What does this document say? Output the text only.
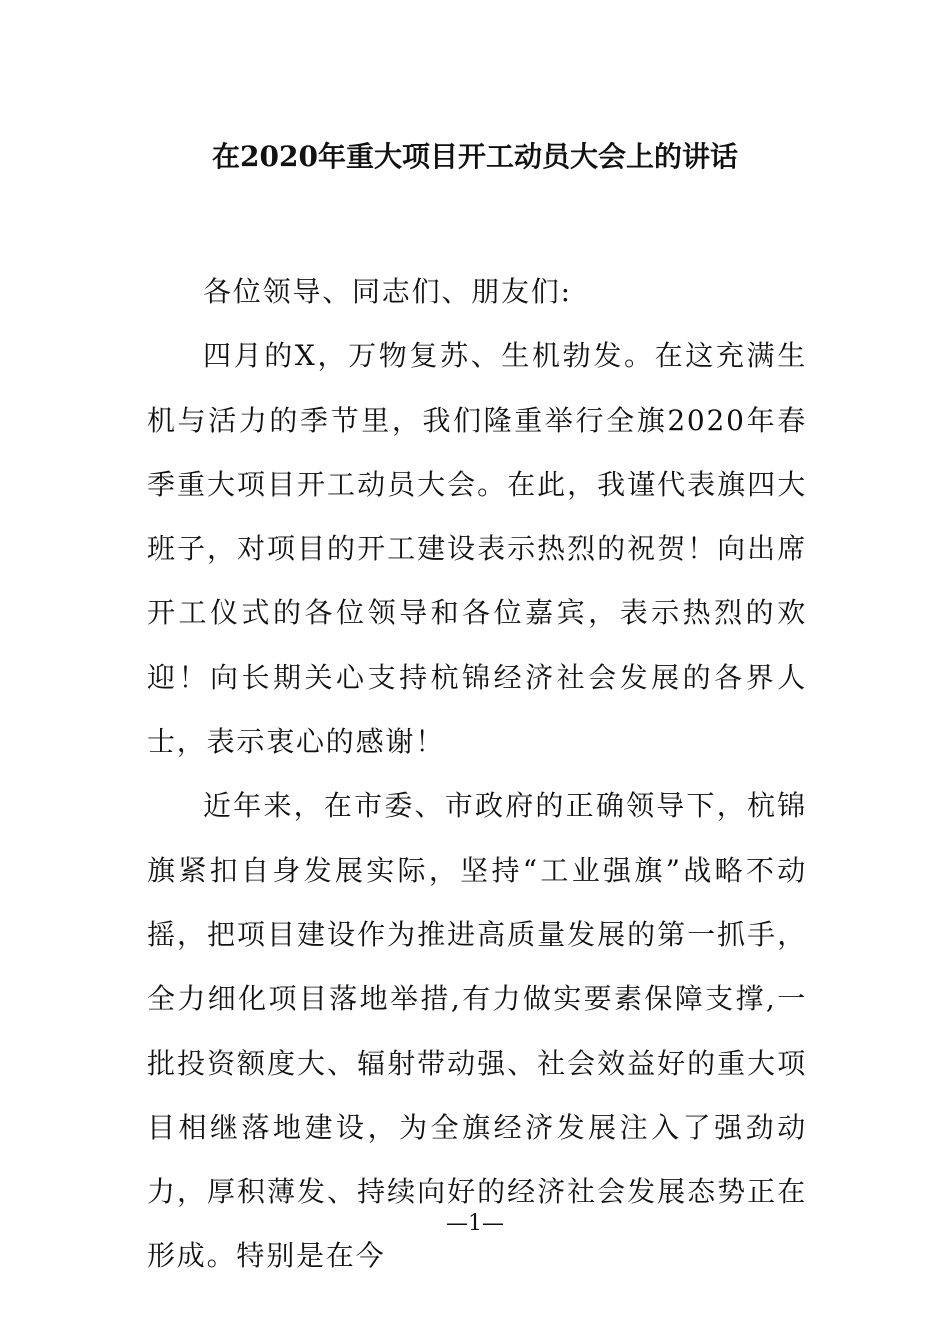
在2020年重大项目开工动员大会上的讲话

各位领导、同志们、朋友们:

四月的X，万物复苏、生机勃发。在这充满生机与活力的季节里，我们隆重举行全旗2020年春季重大项目开工动员大会。在此，我谨代表旗四大班子，对项目的开工建设表示热烈的祝贺！向出席开工仪式的各位领导和各位嘉宾，表示热烈的欢迎！向长期关心支持杭锦经济社会发展的各界人士，表示衷心的感谢！

近年来，在市委、市政府的正确领导下，杭锦旗紧扣自身发展实际，坚持“工业强旗”战略不动摇，把项目建设作为推进高质量发展的第一抓手，全力细化项目落地举措,有力做实要素保障支撑,一批投资额度大、辐射带动强、社会效益好的重大项目相继落地建设，为全旗经济发展注入了强劲动力，厚积薄发、持续向好的经济社会发展态势正在形成。特别是在今

—1—
